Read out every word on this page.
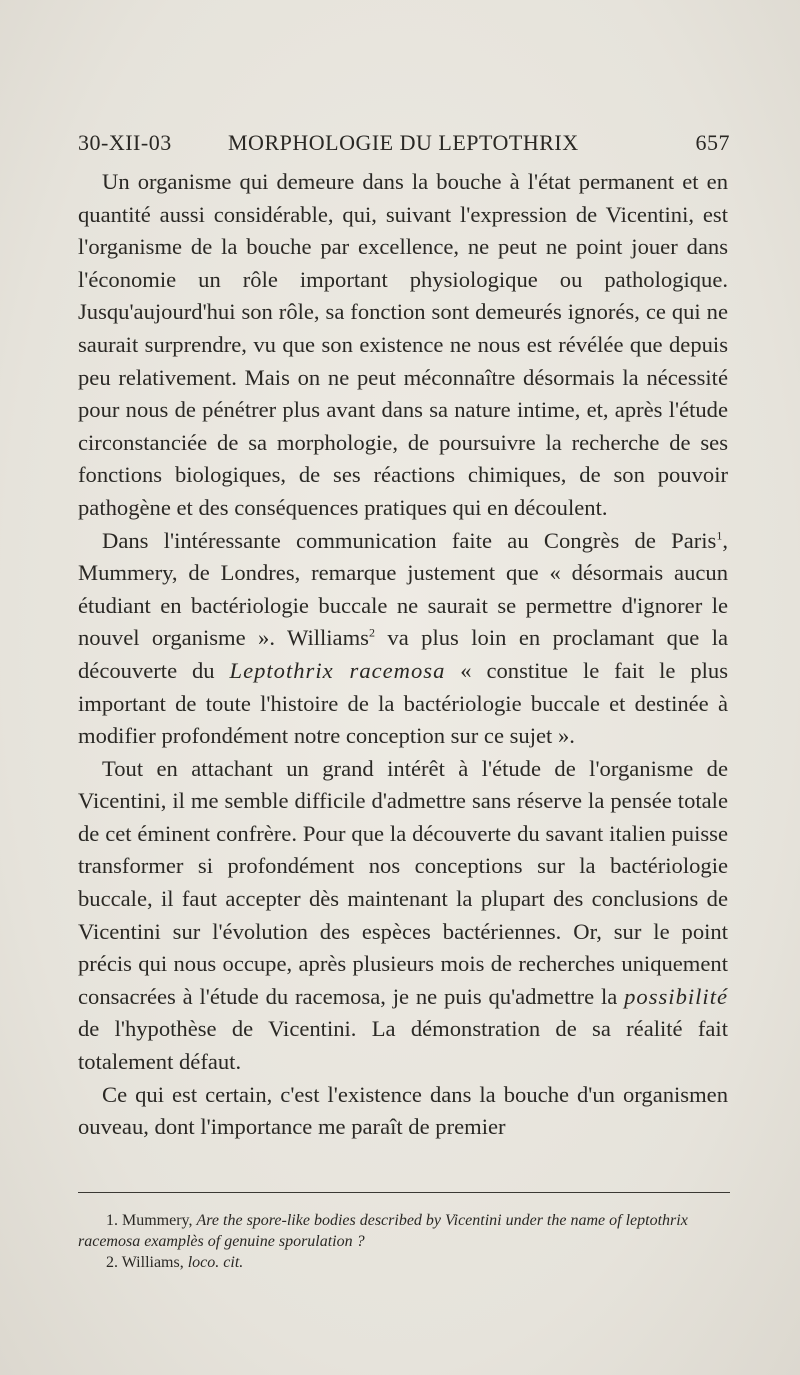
30-XII-03	MORPHOLOGIE DU LEPTOTHRIX	657

Un organisme qui demeure dans la bouche à l'état permanent et en quantité aussi considérable, qui, suivant l'expression de Vicentini, est l'organisme de la bouche par excellence, ne peut ne point jouer dans l'économie un rôle important physiologique ou pathologique. Jusqu'aujourd'hui son rôle, sa fonction sont demeurés ignorés, ce qui ne saurait surprendre, vu que son existence ne nous est révélée que depuis peu relativement. Mais on ne peut méconnaître désormais la nécessité pour nous de pénétrer plus avant dans sa nature intime, et, après l'étude circonstanciée de sa morphologie, de poursuivre la recherche de ses fonctions biologiques, de ses réactions chimiques, de son pouvoir pathogène et des conséquences pratiques qui en découlent.

Dans l'intéressante communication faite au Congrès de Paris$^1$, Mummery, de Londres, remarque justement que « désormais aucun étudiant en bactériologie buccale ne saurait se permettre d'ignorer le nouvel organisme ». Williams$^2$ va plus loin en proclamant que la découverte du Leptothrix racemosa « constitue le fait le plus important de toute l'histoire de la bactériologie buccale et destinée à modifier profondément notre conception sur ce sujet ».

Tout en attachant un grand intérêt à l'étude de l'organisme de Vicentini, il me semble difficile d'admettre sans réserve la pensée totale de cet éminent confrère. Pour que la découverte du savant italien puisse transformer si profondément nos conceptions sur la bactériologie buccale, il faut accepter dès maintenant la plupart des conclusions de Vicentini sur l'évolution des espèces bactériennes. Or, sur le point précis qui nous occupe, après plusieurs mois de recherches uniquement consacrées à l'étude du racemosa, je ne puis qu'admettre la possibilité de l'hypothèse de Vicentini. La démonstration de sa réalité fait totalement défaut.

Ce qui est certain, c'est l'existence dans la bouche d'un organismen ouveau, dont l'importance me paraît de premier

1. Mummery, Are the spore-like bodies described by Vicentini under the name of leptothrix racemosa examplès of genuine sporulation ?

2. Williams, loco. cit.
